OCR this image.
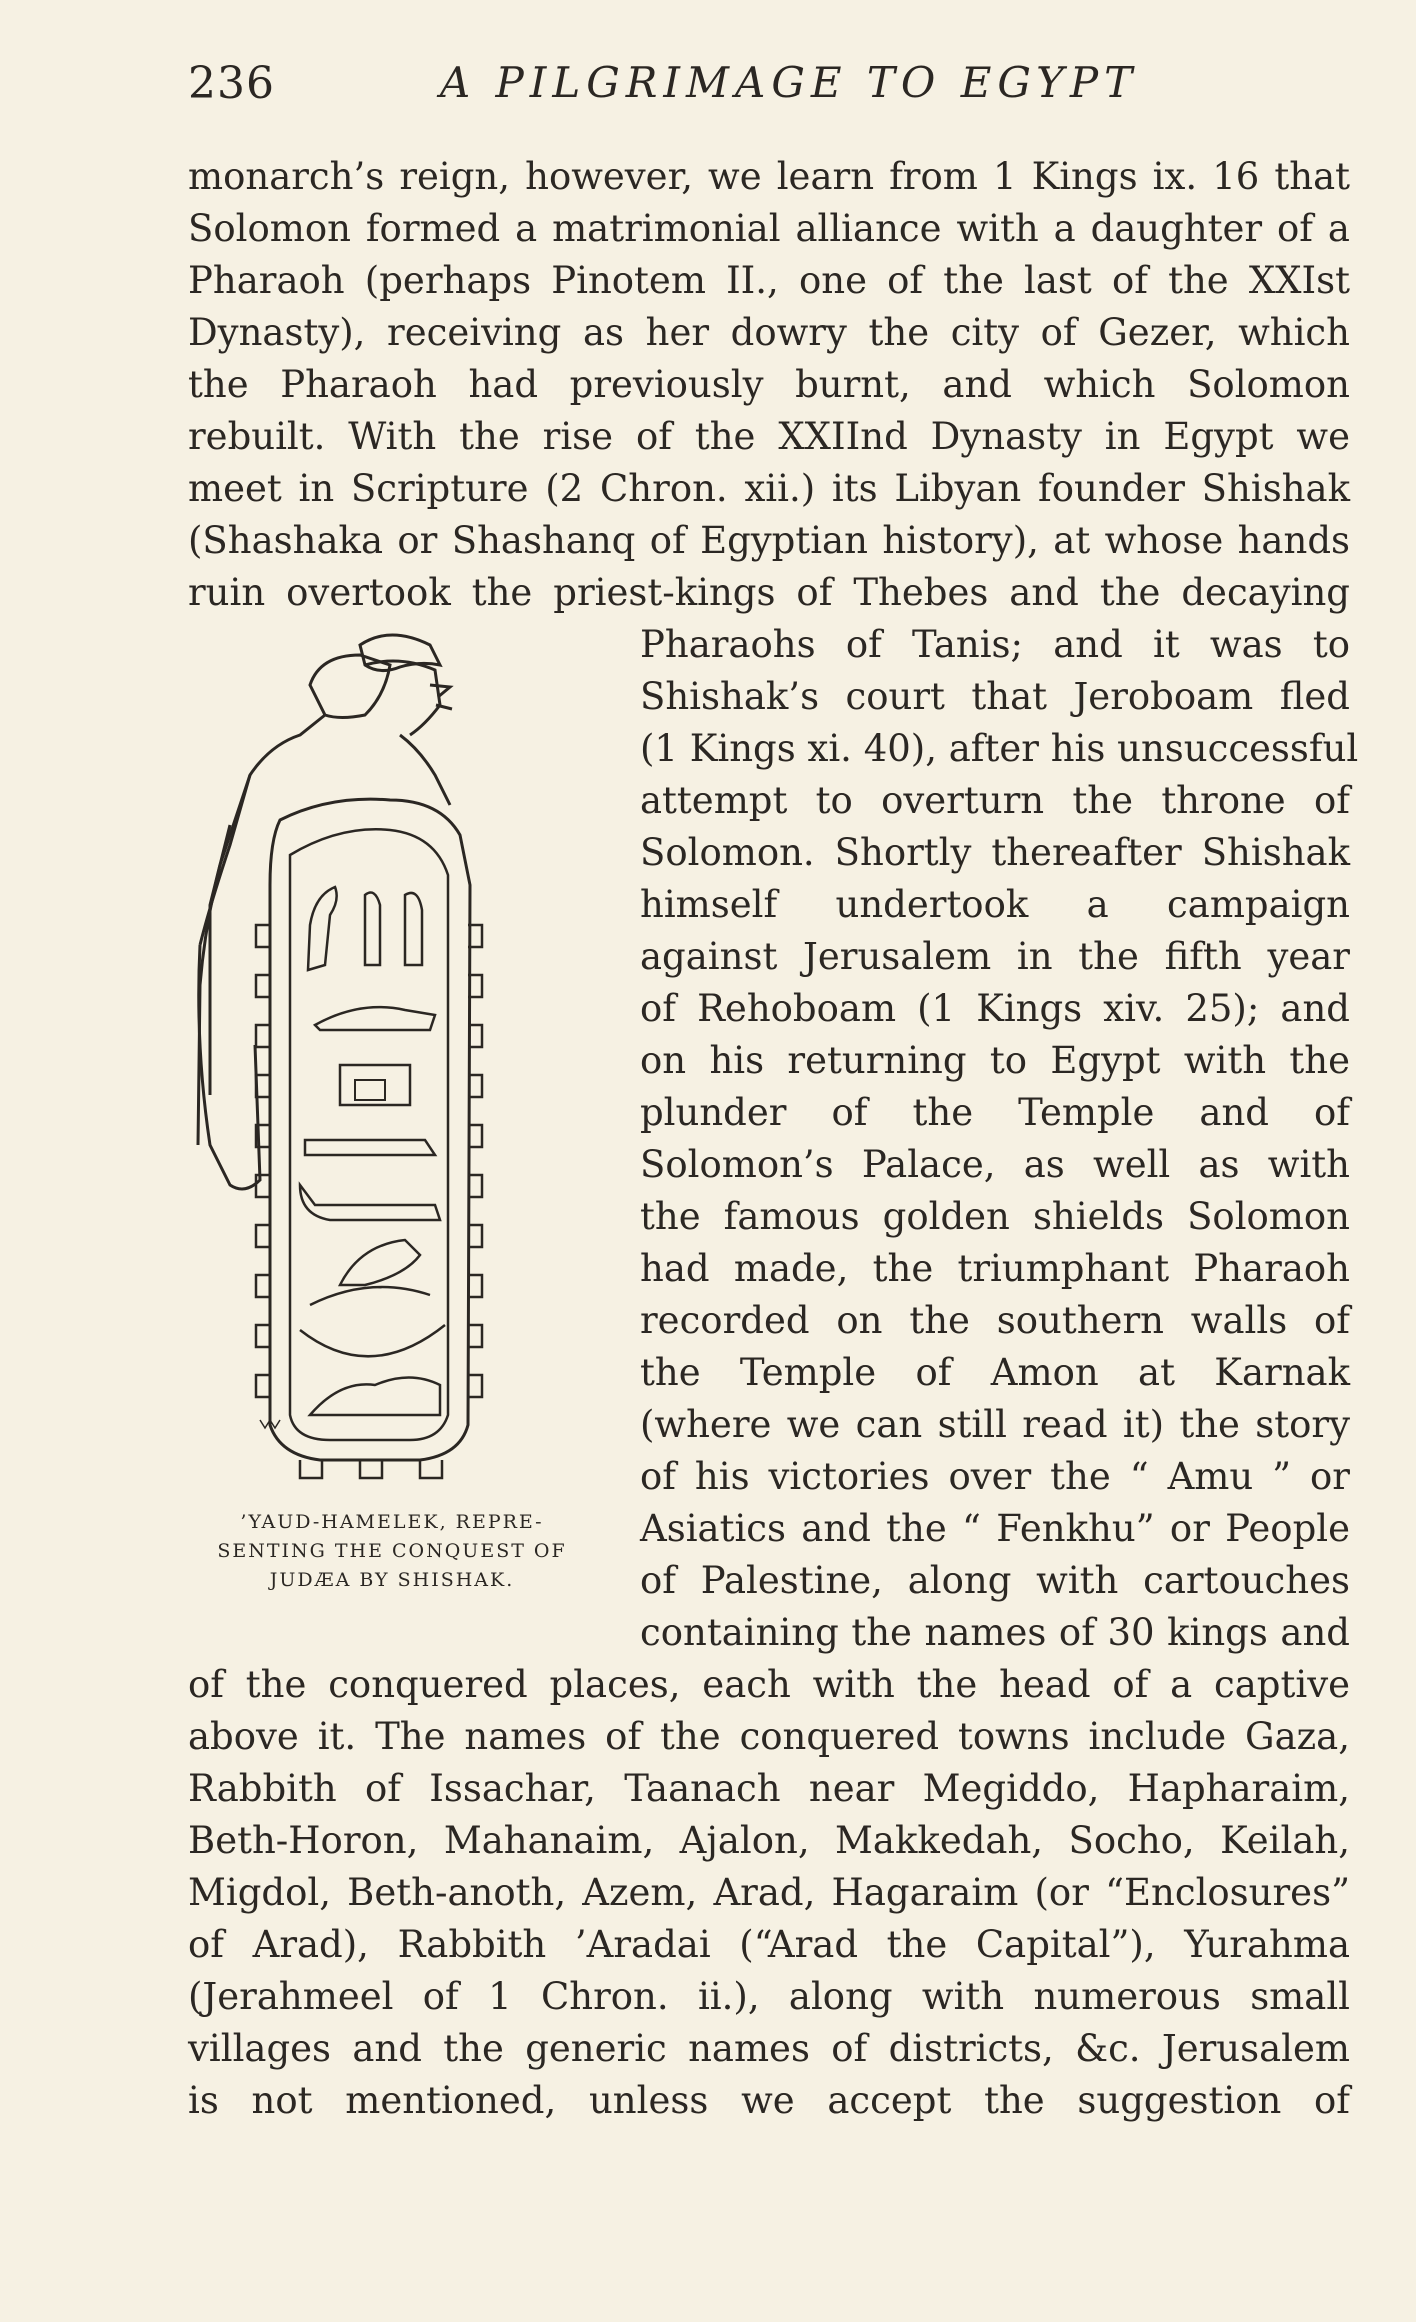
236	A PILGRIMAGE TO EGYPT
monarch’s reign, however, we learn from 1 Kings ix. 16 that
Solomon formed a matrimonial alliance with a daughter of a
Pharaoh (perhaps Pinotem II., one of the last of the XXIst
Dynasty), receiving as her dowry the city of Gezer, which
the Pharaoh had previously burnt, and which Solomon
rebuilt. With the rise of the XXIInd Dynasty in Egypt we
meet in Scripture (2 Chron. xii.) its Libyan founder Shishak
(Shashaka or Shashanq of Egyptian history), at whose hands
ruin overtook the priest-kings of Thebes and the decaying
’YAUD-HAMELEK, REPRE-
SENTING THE CONQUEST OF
JUDÆA BY SHISHAK.
Pharaohs of Tanis; and it was to
Shishak’s court that Jeroboam fled
(1 Kings xi. 40), after his unsuccessful
attempt to overturn the throne of
Solomon. Shortly thereafter Shishak
himself undertook a campaign
against Jerusalem in the fifth year
of Rehoboam (1 Kings xiv. 25); and
on his returning to Egypt with the
plunder of the Temple and of
Solomon’s Palace, as well as with
the famous golden shields Solomon
had made, the triumphant Pharaoh
recorded on the southern walls of
the Temple of Amon at Karnak
(where we can still read it) the story
of his victories over the “ Amu ” or
Asiatics and the “ Fenkhu” or People
of Palestine, along with cartouches
containing the names of 30 kings and
of the conquered places, each with the head of a captive
above it. The names of the conquered towns include Gaza,
Rabbith of Issachar, Taanach near Megiddo, Hapharaim,
Beth-Horon, Mahanaim, Ajalon, Makkedah, Socho, Keilah,
Migdol, Beth-anoth, Azem, Arad, Hagaraim (or “Enclosures”
of Arad), Rabbith ’Aradai (“Arad the Capital”), Yurahma
(Jerahmeel of 1 Chron. ii.), along with numerous small
villages and the generic names of districts, &c. Jerusalem
is not mentioned, unless we accept the suggestion of
